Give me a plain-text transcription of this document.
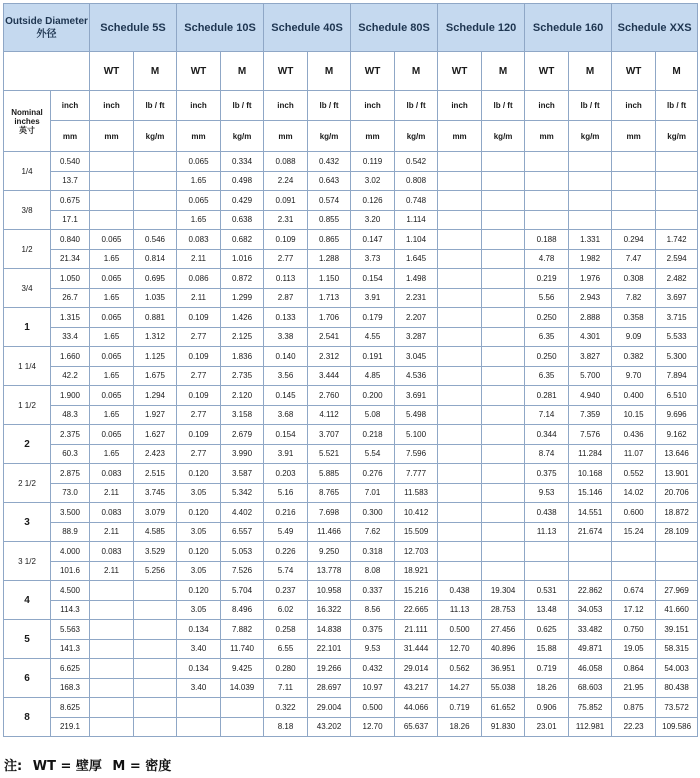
Outside Diameter
外径		Schedule 5S		Schedule 10S		Schedule 40S		Schedule 80S		Schedule 120		Schedule 160		Schedule XXS	
		WT	M	WT	M	WT	M	WT	M	WT	M	WT	M	WT	M
Nominal inches
英寸	inch	inch	lb / ft	inch	lb / ft	inch	lb / ft	inch	lb / ft	inch	lb / ft	inch	lb / ft	inch	lb / ft
	mm	mm	kg/m	mm	kg/m	mm	kg/m	mm	kg/m	mm	kg/m	mm	kg/m	mm	kg/m
1/4	0.540			0.065	0.334	0.088	0.432	0.119	0.542						
	13.7			1.65	0.498	2.24	0.643	3.02	0.808						
3/8	0.675			0.065	0.429	0.091	0.574	0.126	0.748						
	17.1			1.65	0.638	2.31	0.855	3.20	1.114						
1/2	0.840	0.065	0.546	0.083	0.682	0.109	0.865	0.147	1.104			0.188	1.331	0.294	1.742
	21.34	1.65	0.814	2.11	1.016	2.77	1.288	3.73	1.645			4.78	1.982	7.47	2.594
3/4	1.050	0.065	0.695	0.086	0.872	0.113	1.150	0.154	1.498			0.219	1.976	0.308	2.482
	26.7	1.65	1.035	2.11	1.299	2.87	1.713	3.91	2.231			5.56	2.943	7.82	3.697
1	1.315	0.065	0.881	0.109	1.426	0.133	1.706	0.179	2.207			0.250	2.888	0.358	3.715
	33.4	1.65	1.312	2.77	2.125	3.38	2.541	4.55	3.287			6.35	4.301	9.09	5.533
1 1/4	1.660	0.065	1.125	0.109	1.836	0.140	2.312	0.191	3.045			0.250	3.827	0.382	5.300
	42.2	1.65	1.675	2.77	2.735	3.56	3.444	4.85	4.536			6.35	5.700	9.70	7.894
1 1/2	1.900	0.065	1.294	0.109	2.120	0.145	2.760	0.200	3.691			0.281	4.940	0.400	6.510
	48.3	1.65	1.927	2.77	3.158	3.68	4.112	5.08	5.498			7.14	7.359	10.15	9.696
2	2.375	0.065	1.627	0.109	2.679	0.154	3.707	0.218	5.100			0.344	7.576	0.436	9.162
	60.3	1.65	2.423	2.77	3.990	3.91	5.521	5.54	7.596			8.74	11.284	11.07	13.646
2 1/2	2.875	0.083	2.515	0.120	3.587	0.203	5.885	0.276	7.777			0.375	10.168	0.552	13.901
	73.0	2.11	3.745	3.05	5.342	5.16	8.765	7.01	11.583			9.53	15.146	14.02	20.706
3	3.500	0.083	3.079	0.120	4.402	0.216	7.698	0.300	10.412			0.438	14.551	0.600	18.872
	88.9	2.11	4.585	3.05	6.557	5.49	11.466	7.62	15.509			11.13	21.674	15.24	28.109
3 1/2	4.000	0.083	3.529	0.120	5.053	0.226	9.250	0.318	12.703						
	101.6	2.11	5.256	3.05	7.526	5.74	13.778	8.08	18.921						
4	4.500			0.120	5.704	0.237	10.958	0.337	15.216	0.438	19.304	0.531	22.862	0.674	27.969
	114.3			3.05	8.496	6.02	16.322	8.56	22.665	11.13	28.753	13.48	34.053	17.12	41.660
5	5.563			0.134	7.882	0.258	14.838	0.375	21.111	0.500	27.456	0.625	33.482	0.750	39.151
	141.3			3.40	11.740	6.55	22.101	9.53	31.444	12.70	40.896	15.88	49.871	19.05	58.315
6	6.625			0.134	9.425	0.280	19.266	0.432	29.014	0.562	36.951	0.719	46.058	0.864	54.003
	168.3			3.40	14.039	7.11	28.697	10.97	43.217	14.27	55.038	18.26	68.603	21.95	80.438
8	8.625					0.322	29.004	0.500	44.066	0.719	61.652	0.906	75.852	0.875	73.572
	219.1					8.18	43.202	12.70	65.637	18.26	91.830	23.01	112.981	22.23	109.586
注: WT = 壁厚 M = 密度
